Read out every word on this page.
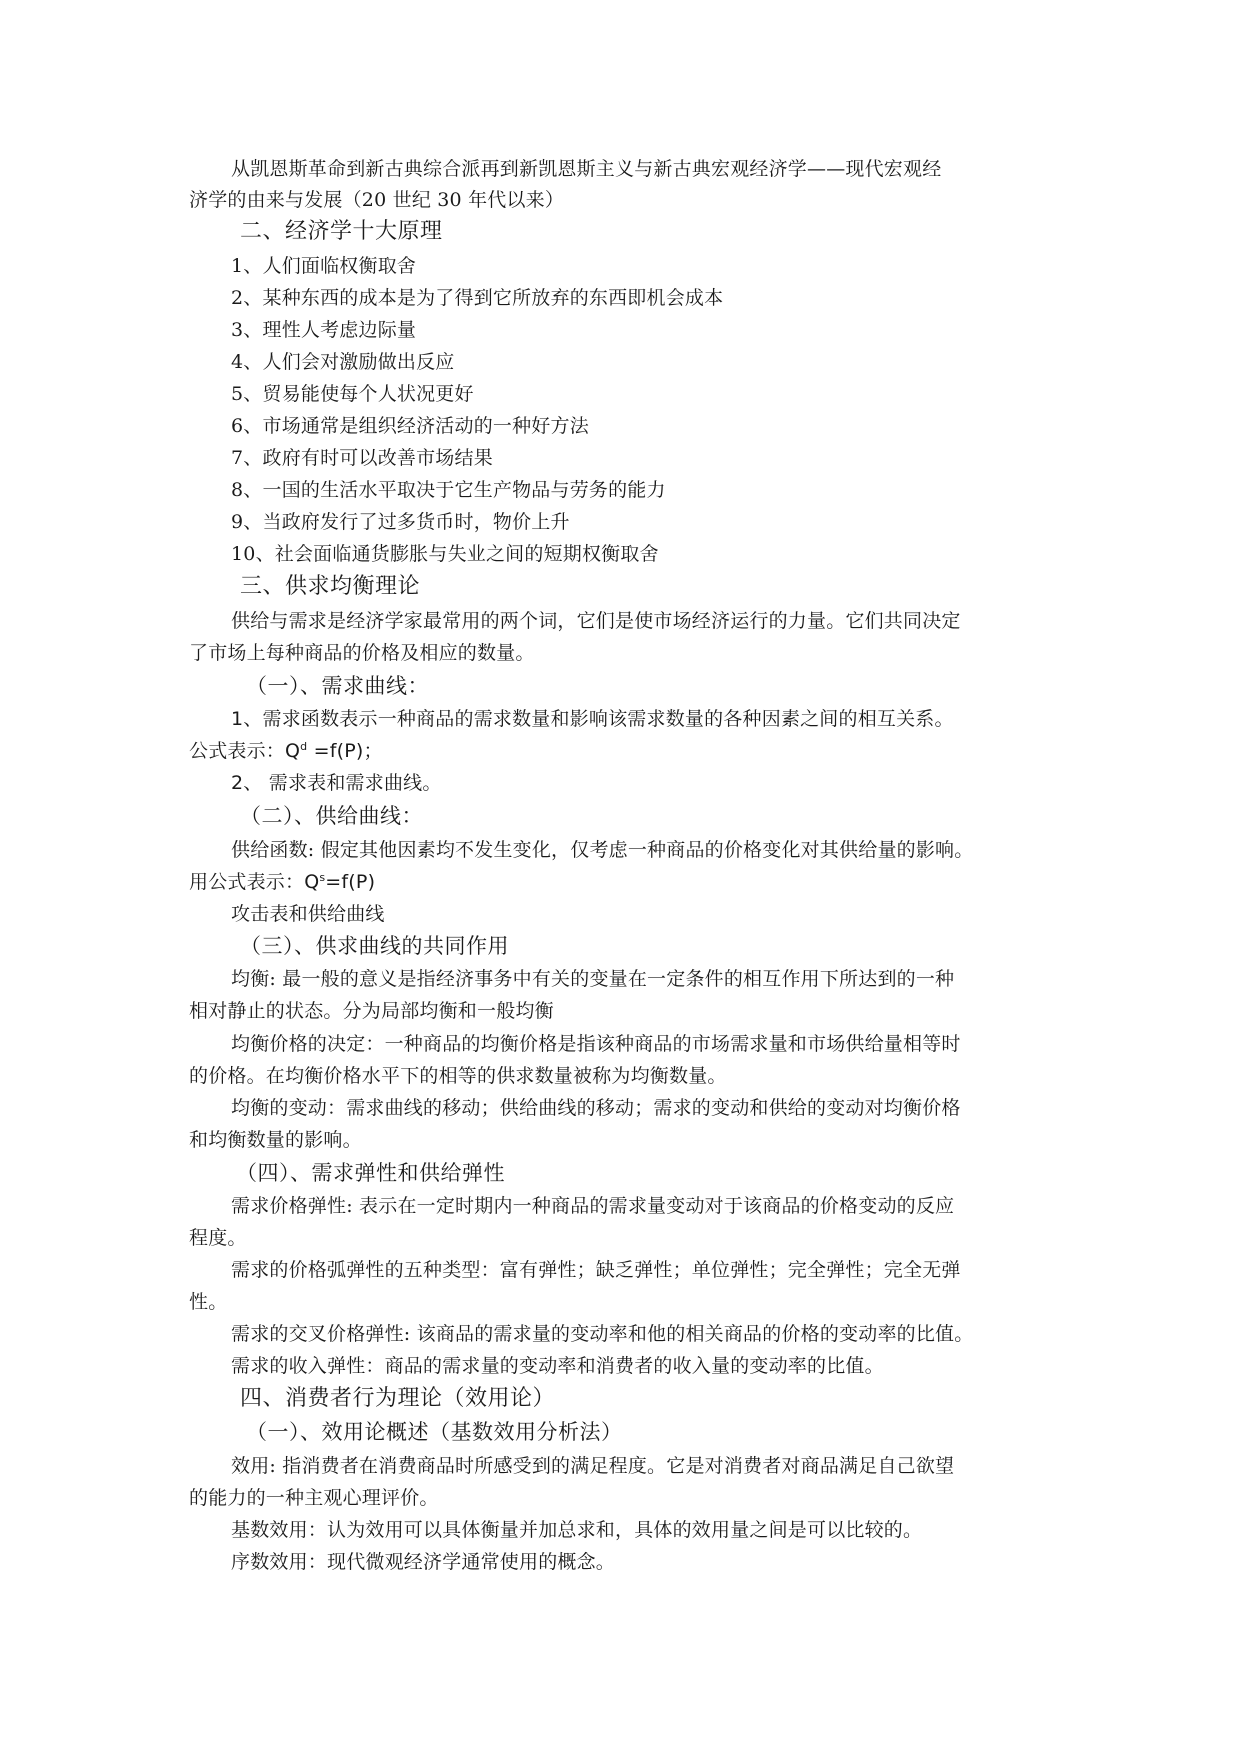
从凯恩斯革命到新古典综合派再到新凯恩斯主义与新古典宏观经济学——现代宏观经
济学的由来与发展（20 世纪 30 年代以来）
二、经济学十大原理
1、人们面临权衡取舍
2、某种东西的成本是为了得到它所放弃的东西即机会成本
3、理性人考虑边际量
4、人们会对激励做出反应
5、贸易能使每个人状况更好
6、市场通常是组织经济活动的一种好方法
7、政府有时可以改善市场结果
8、一国的生活水平取决于它生产物品与劳务的能力
9、当政府发行了过多货币时，物价上升
10、社会面临通货膨胀与失业之间的短期权衡取舍
三、供求均衡理论
供给与需求是经济学家最常用的两个词，它们是使市场经济运行的力量。它们共同决定
了市场上每种商品的价格及相应的数量。
（一）、需求曲线：
1、需求函数表示一种商品的需求数量和影响该需求数量的各种因素之间的相互关系。
公式表示：$Q^d =f(P)$；
2、 需求表和需求曲线。
（二）、供给曲线：
供给函数: 假定其他因素均不发生变化，仅考虑一种商品的价格变化对其供给量的影响。
用公式表示：$Q^s=f(P)$
攻击表和供给曲线
（三）、供求曲线的共同作用
均衡: 最一般的意义是指经济事务中有关的变量在一定条件的相互作用下所达到的一种
相对静止的状态。分为局部均衡和一般均衡
均衡价格的决定：一种商品的均衡价格是指该种商品的市场需求量和市场供给量相等时
的价格。在均衡价格水平下的相等的供求数量被称为均衡数量。
均衡的变动：需求曲线的移动；供给曲线的移动；需求的变动和供给的变动对均衡价格
和均衡数量的影响。
（四）、需求弹性和供给弹性
需求价格弹性: 表示在一定时期内一种商品的需求量变动对于该商品的价格变动的反应
程度。
需求的价格弧弹性的五种类型：富有弹性；缺乏弹性；单位弹性；完全弹性；完全无弹
性。
需求的交叉价格弹性: 该商品的需求量的变动率和他的相关商品的价格的变动率的比值。
需求的收入弹性：商品的需求量的变动率和消费者的收入量的变动率的比值。
四、消费者行为理论（效用论）
（一）、效用论概述（基数效用分析法）
效用: 指消费者在消费商品时所感受到的满足程度。它是对消费者对商品满足自己欲望
的能力的一种主观心理评价。
基数效用：认为效用可以具体衡量并加总求和，具体的效用量之间是可以比较的。
序数效用：现代微观经济学通常使用的概念。
